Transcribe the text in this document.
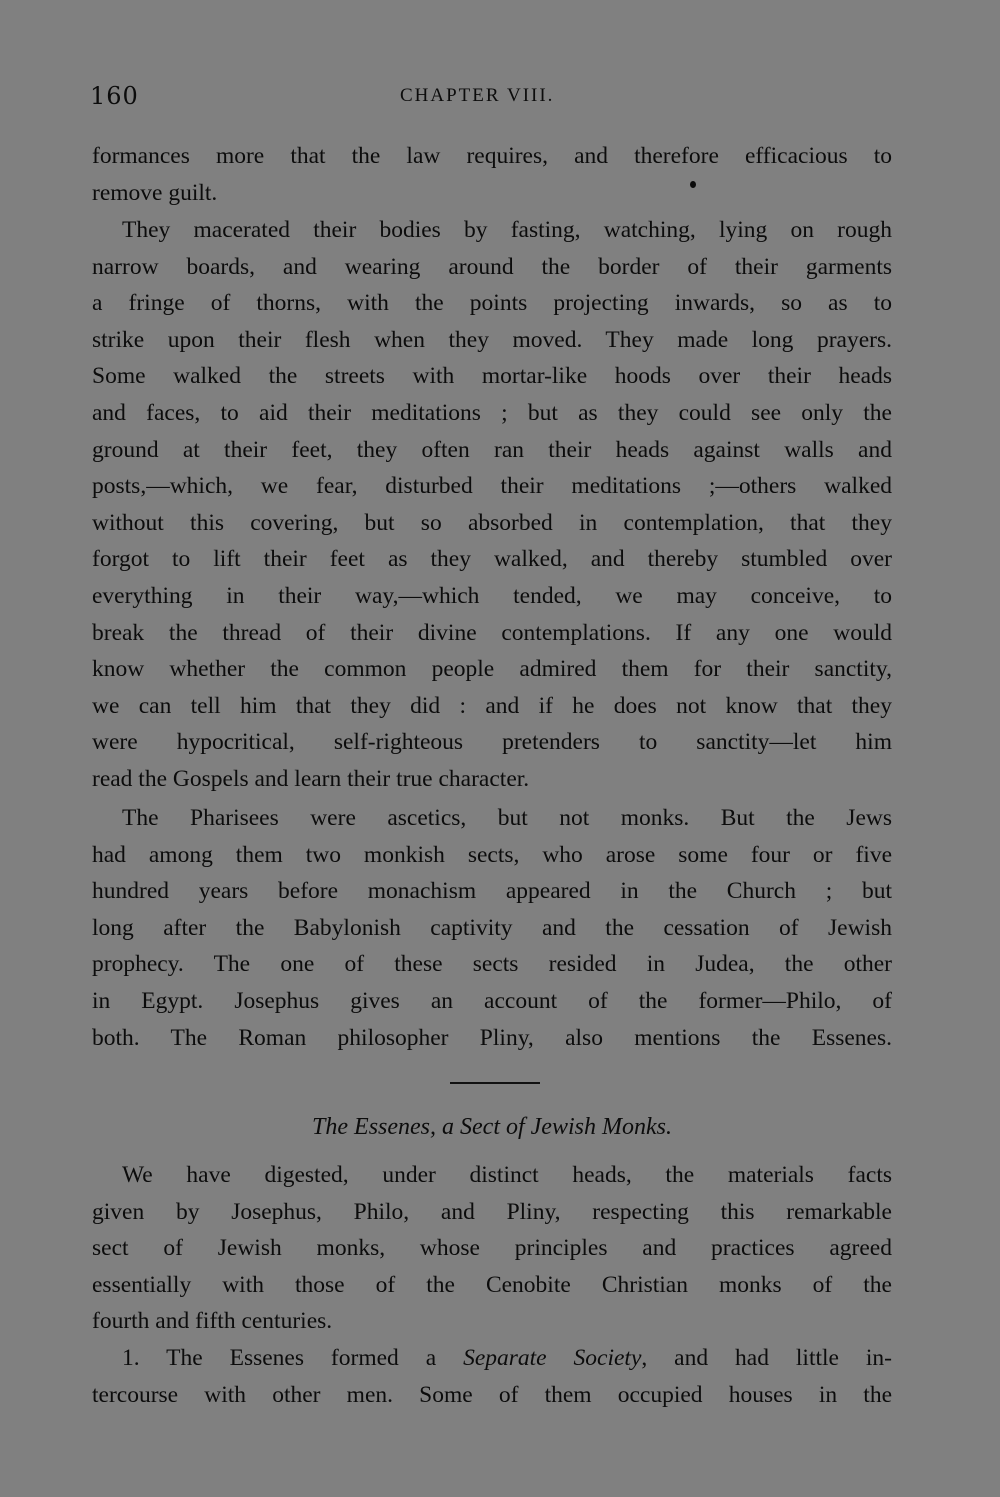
160	CHAPTER VIII.
formances more that the law requires, and therefore efficacious to
remove guilt.
They macerated their bodies by fasting, watching, lying on rough
narrow boards, and wearing around the border of their garments
a fringe of thorns, with the points projecting inwards, so as to
strike upon their flesh when they moved. They made long prayers.
Some walked the streets with mortar-like hoods over their heads
and faces, to aid their meditations ; but as they could see only the
ground at their feet, they often ran their heads against walls and
posts,—which, we fear, disturbed their meditations ;—others walked
without this covering, but so absorbed in contemplation, that they
forgot to lift their feet as they walked, and thereby stumbled over
everything in their way,—which tended, we may conceive, to
break the thread of their divine contemplations. If any one would
know whether the common people admired them for their sanctity,
we can tell him that they did : and if he does not know that they
were hypocritical, self-righteous pretenders to sanctity—let him
read the Gospels and learn their true character.
The Pharisees were ascetics, but not monks. But the Jews
had among them two monkish sects, who arose some four or five
hundred years before monachism appeared in the Church ; but
long after the Babylonish captivity and the cessation of Jewish
prophecy. The one of these sects resided in Judea, the other
in Egypt. Josephus gives an account of the former—Philo, of
both. The Roman philosopher Pliny, also mentions the Essenes.
The Essenes, a Sect of Jewish Monks.
We have digested, under distinct heads, the materials facts
given by Josephus, Philo, and Pliny, respecting this remarkable
sect of Jewish monks, whose principles and practices agreed
essentially with those of the Cenobite Christian monks of the
fourth and fifth centuries.
1. The Essenes formed a Separate Society, and had little in-
tercourse with other men. Some of them occupied houses in the
